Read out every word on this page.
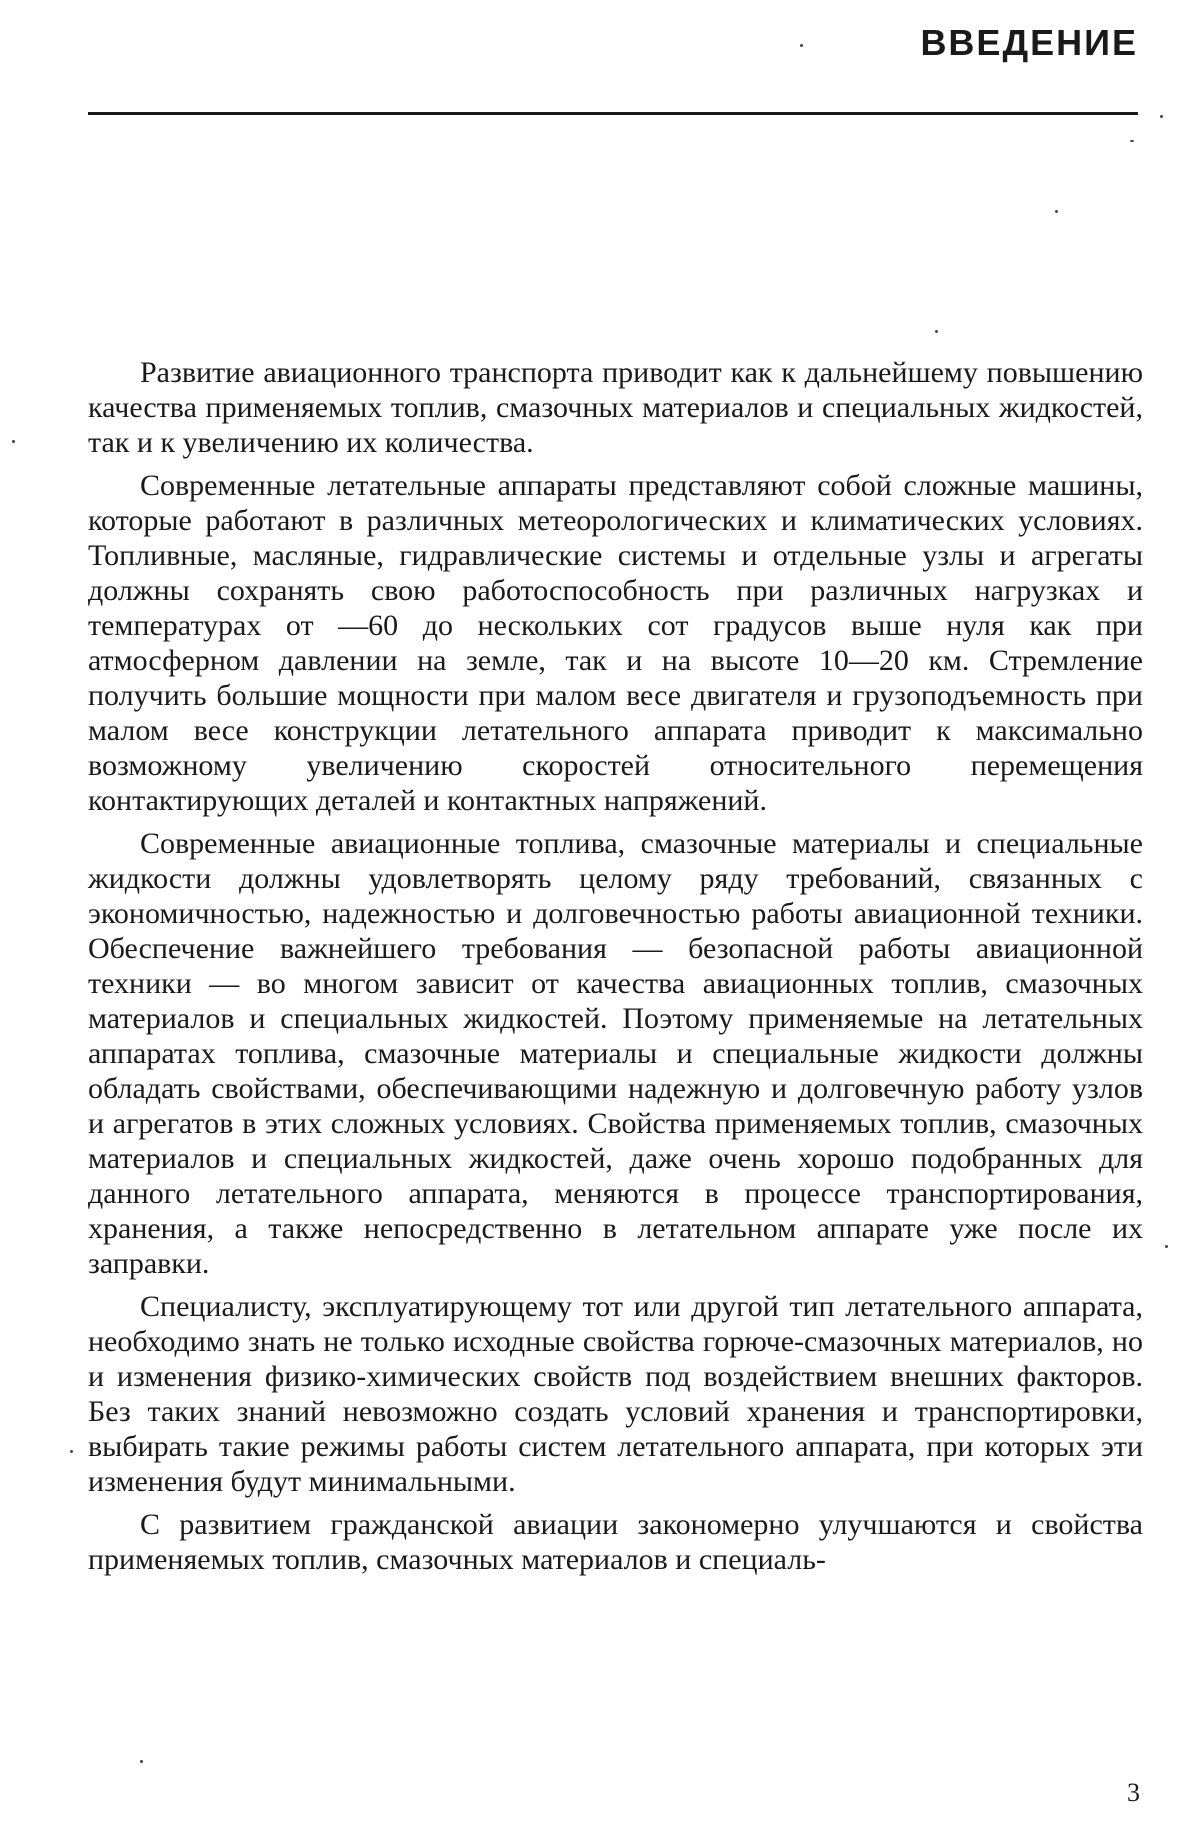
ВВЕДЕНИЕ

Развитие авиационного транспорта приводит как к дальнейшему повышению качества применяемых топлив, смазочных материалов и специальных жидкостей, так и к увеличению их количества.

Современные летательные аппараты представляют собой сложные машины, которые работают в различных метеорологических и климатических условиях. Топливные, масляные, гидравлические системы и отдельные узлы и агрегаты должны сохранять свою работоспособность при различных нагрузках и температурах от —60 до нескольких сот градусов выше нуля как при атмосферном давлении на земле, так и на высоте 10—20 км. Стремление получить большие мощности при малом весе двигателя и грузоподъемность при малом весе конструкции летательного аппарата приводит к максимально возможному увеличению скоростей относительного перемещения контактирующих деталей и контактных напряжений.

Современные авиационные топлива, смазочные материалы и специальные жидкости должны удовлетворять целому ряду требований, связанных с экономичностью, надежностью и долговечностью работы авиационной техники. Обеспечение важнейшего требования — безопасной работы авиационной техники — во многом зависит от качества авиационных топлив, смазочных материалов и специальных жидкостей. Поэтому применяемые на летательных аппаратах топлива, смазочные материалы и специальные жидкости должны обладать свойствами, обеспечивающими надежную и долговечную работу узлов и агрегатов в этих сложных условиях. Свойства применяемых топлив, смазочных материалов и специальных жидкостей, даже очень хорошо подобранных для данного летательного аппарата, меняются в процессе транспортирования, хранения, а также непосредственно в летательном аппарате уже после их заправки.

Специалисту, эксплуатирующему тот или другой тип летательного аппарата, необходимо знать не только исходные свойства горюче-смазочных материалов, но и изменения физико-химических свойств под воздействием внешних факторов. Без таких знаний невозможно создать условий хранения и транспортировки, выбирать такие режимы работы систем летательного аппарата, при которых эти изменения будут минимальными.

С развитием гражданской авиации закономерно улучшаются и свойства применяемых топлив, смазочных материалов и специаль-

3
